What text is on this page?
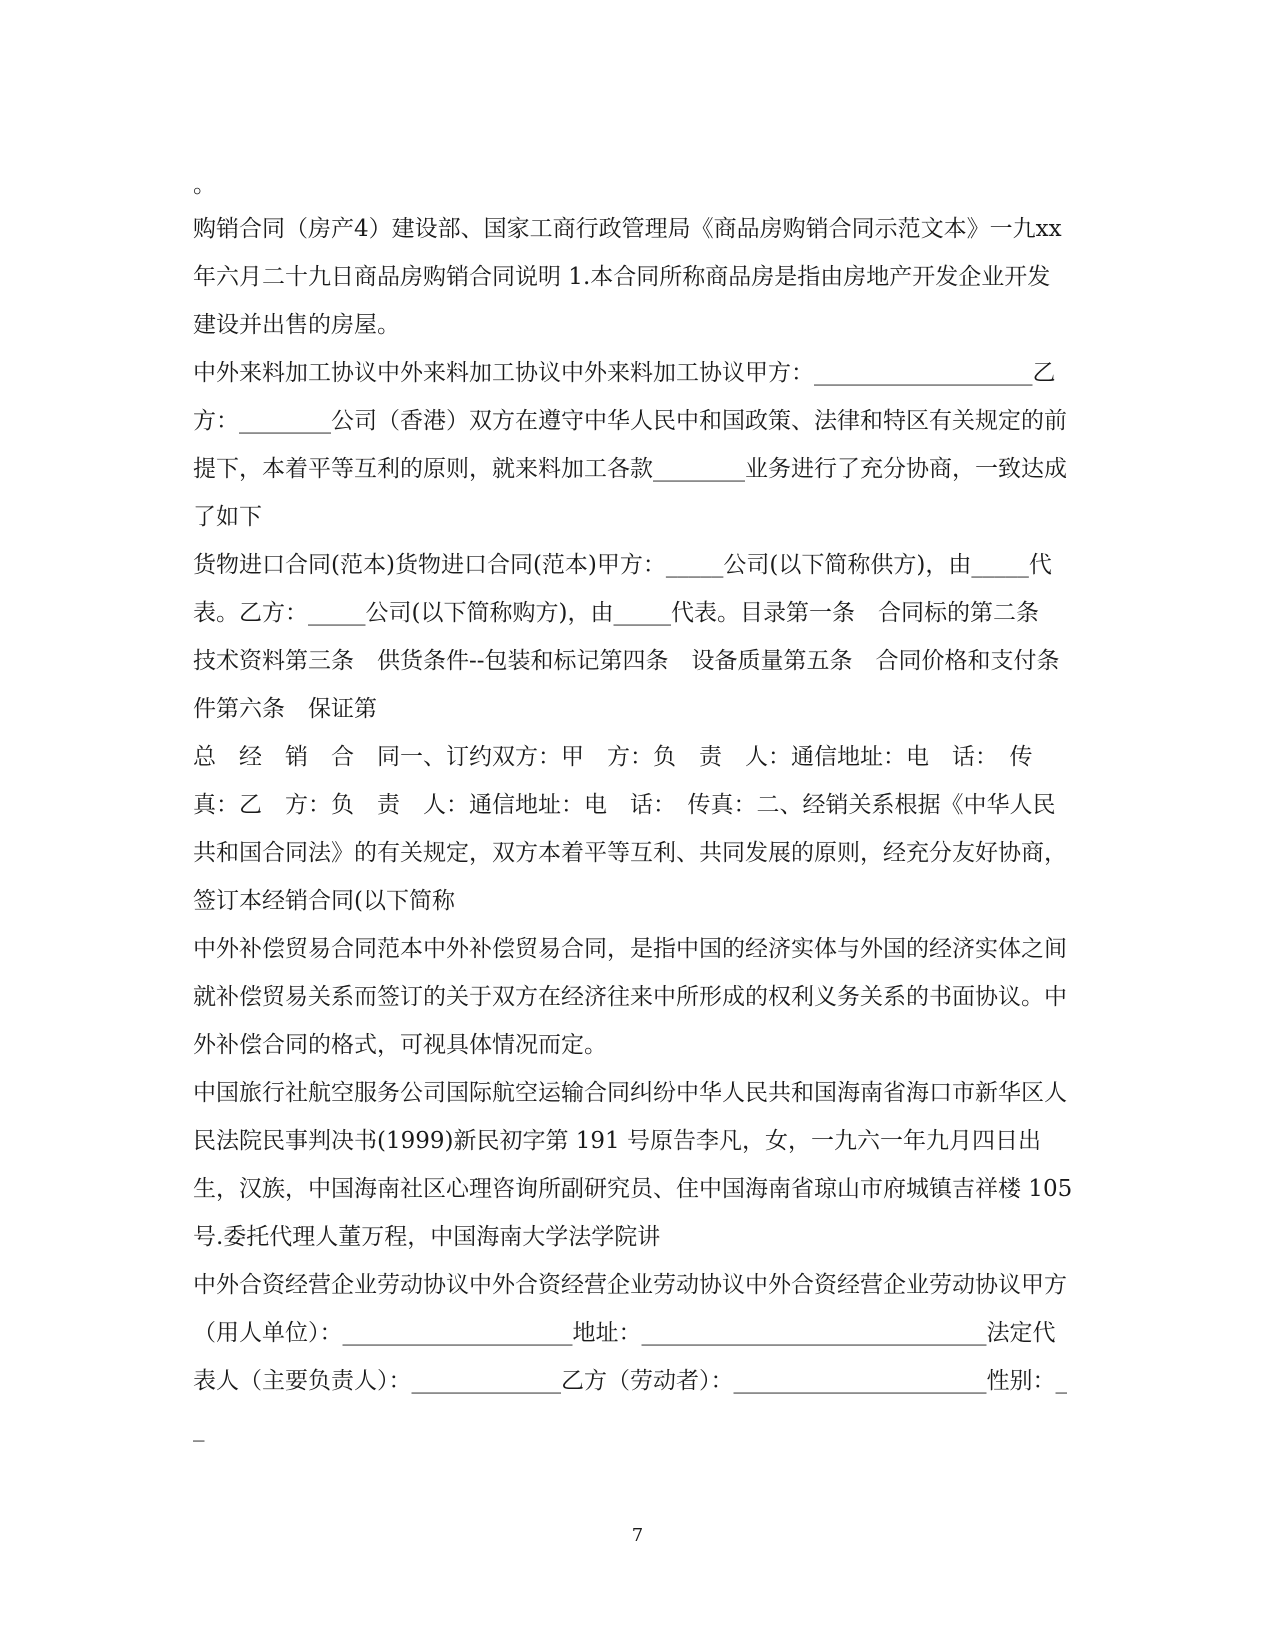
。

购销合同（房产4）建设部、国家工商行政管理局《商品房购销合同示范文本》一九xx年六月二十九日商品房购销合同说明 1.本合同所称商品房是指由房地产开发企业开发建设并出售的房屋。

中外来料加工协议中外来料加工协议中外来料加工协议甲方：___________________乙方：________公司（香港）双方在遵守中华人民中和国政策、法律和特区有关规定的前提下，本着平等互利的原则，就来料加工各款________业务进行了充分协商，一致达成了如下

货物进口合同(范本)货物进口合同(范本)甲方：_____公司(以下简称供方)，由_____代表。乙方：_____公司(以下简称购方)，由_____代表。目录第一条　合同标的第二条　技术资料第三条　供货条件--包装和标记第四条　设备质量第五条　合同价格和支付条件第六条　保证第

总　经　销　合　同一、订约双方：甲　方：负　责　人：通信地址：电　话：　传真：乙　方：负　责　人：通信地址：电　话：　传真：二、经销关系根据《中华人民共和国合同法》的有关规定，双方本着平等互利、共同发展的原则，经充分友好协商，签订本经销合同(以下简称

中外补偿贸易合同范本中外补偿贸易合同，是指中国的经济实体与外国的经济实体之间就补偿贸易关系而签订的关于双方在经济往来中所形成的权利义务关系的书面协议。中外补偿合同的格式，可视具体情况而定。

中国旅行社航空服务公司国际航空运输合同纠纷中华人民共和国海南省海口市新华区人民法院民事判决书(1999)新民初字第 191 号原告李凡，女，一九六一年九月四日出生，汉族，中国海南社区心理咨询所副研究员、住中国海南省琼山市府城镇吉祥楼 105 号.委托代理人董万程，中国海南大学法学院讲

中外合资经营企业劳动协议中外合资经营企业劳动协议中外合资经营企业劳动协议甲方（用人单位）：____________________地址：______________________________法定代表人（主要负责人）：_____________乙方（劳动者）：______________________性别：__

7
